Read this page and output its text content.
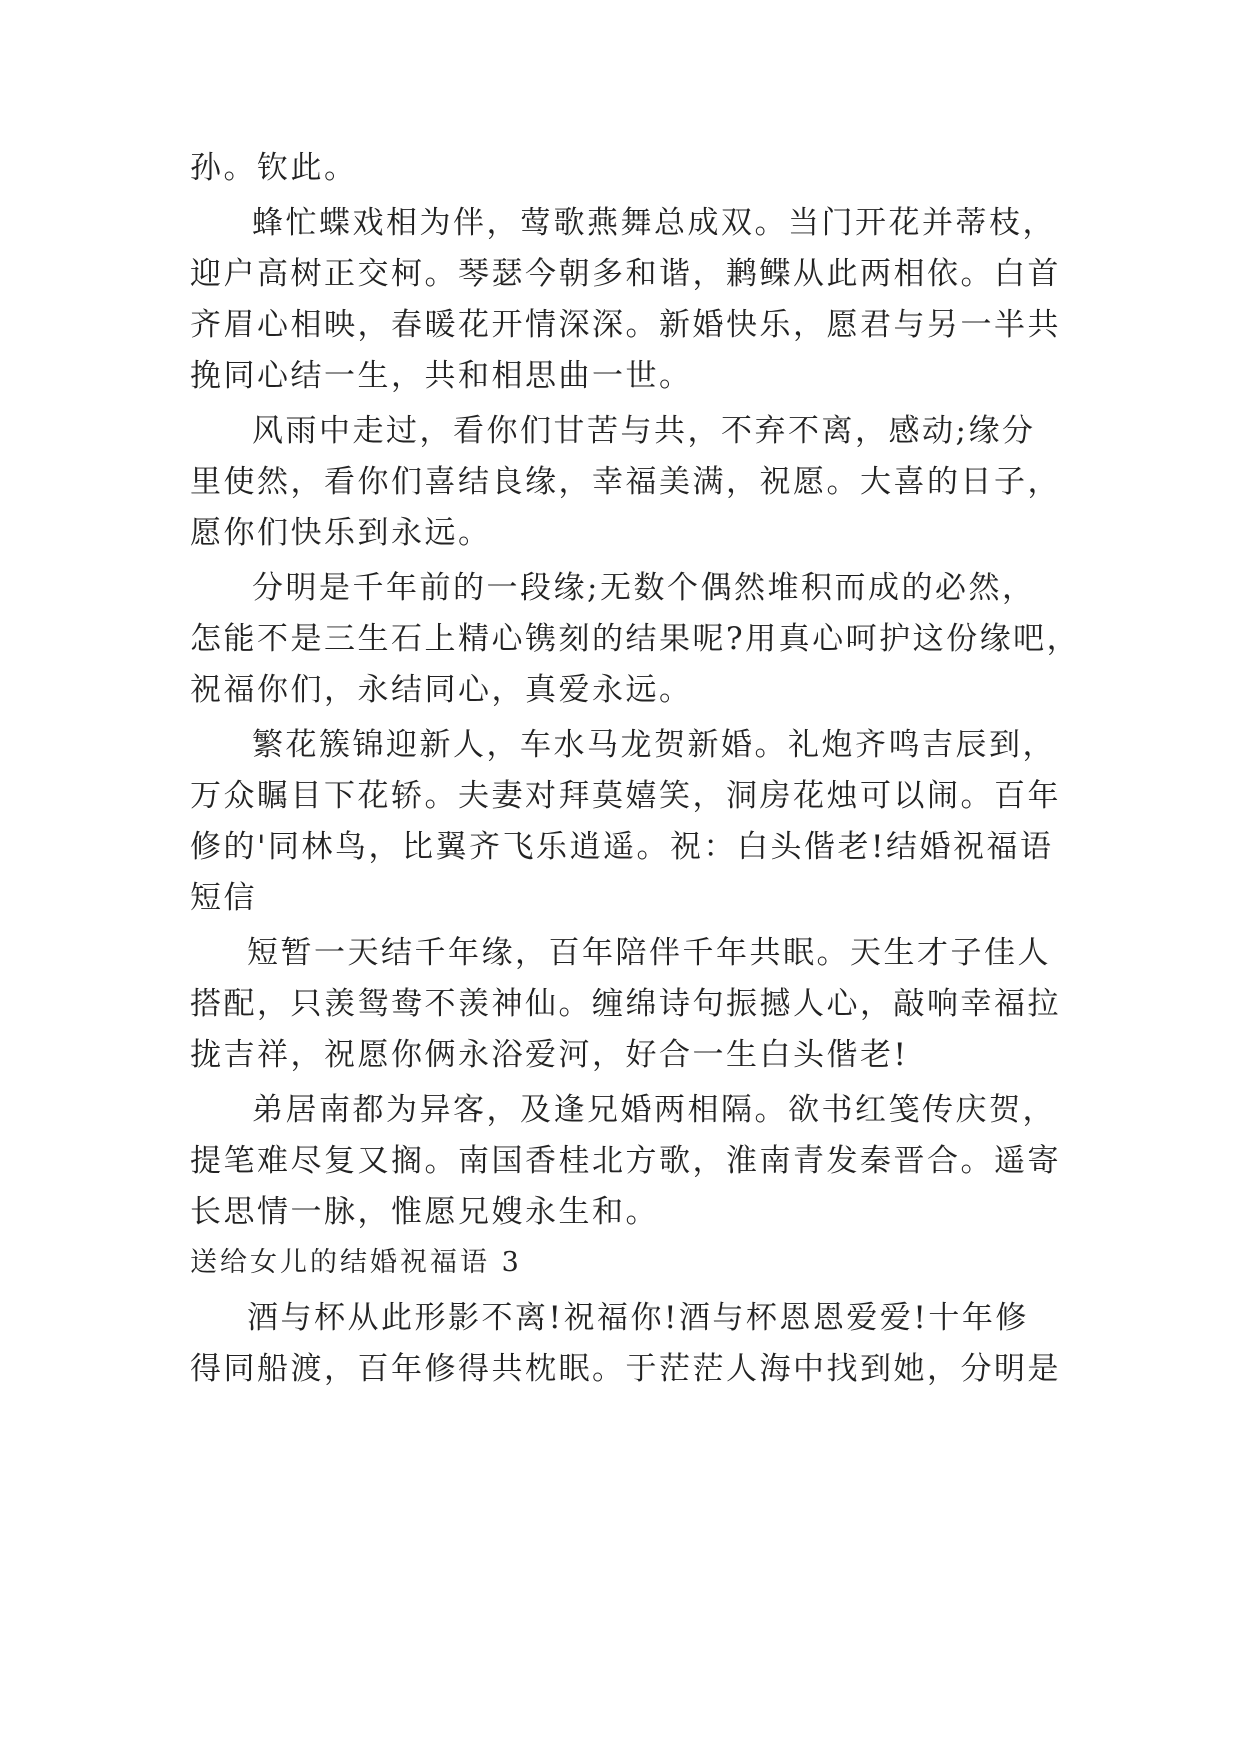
孙。钦此。
蜂忙蝶戏相为伴，莺歌燕舞总成双。当门开花并蒂枝，
迎户高树正交柯。琴瑟今朝多和谐，鹣鲽从此两相依。白首
齐眉心相映，春暖花开情深深。新婚快乐，愿君与另一半共
挽同心结一生，共和相思曲一世。
风雨中走过，看你们甘苦与共，不弃不离，感动;缘分
里使然，看你们喜结良缘，幸福美满，祝愿。大喜的日子，
愿你们快乐到永远。
分明是千年前的一段缘;无数个偶然堆积而成的必然，
怎能不是三生石上精心镌刻的结果呢?用真心呵护这份缘吧，
祝福你们，永结同心，真爱永远。
繁花簇锦迎新人，车水马龙贺新婚。礼炮齐鸣吉辰到，
万众瞩目下花轿。夫妻对拜莫嬉笑，洞房花烛可以闹。百年
修的'同林鸟，比翼齐飞乐逍遥。祝：白头偕老!结婚祝福语
短信
短暂一天结千年缘，百年陪伴千年共眠。天生才子佳人
搭配，只羡鸳鸯不羡神仙。缠绵诗句振撼人心，敲响幸福拉
拢吉祥，祝愿你俩永浴爱河，好合一生白头偕老!
弟居南都为异客，及逢兄婚两相隔。欲书红笺传庆贺，
提笔难尽复又搁。南国香桂北方歌，淮南青发秦晋合。遥寄
长思情一脉，惟愿兄嫂永生和。
送给女儿的结婚祝福语 3
酒与杯从此形影不离!祝福你!酒与杯恩恩爱爱!十年修
得同船渡，百年修得共枕眠。于茫茫人海中找到她，分明是
